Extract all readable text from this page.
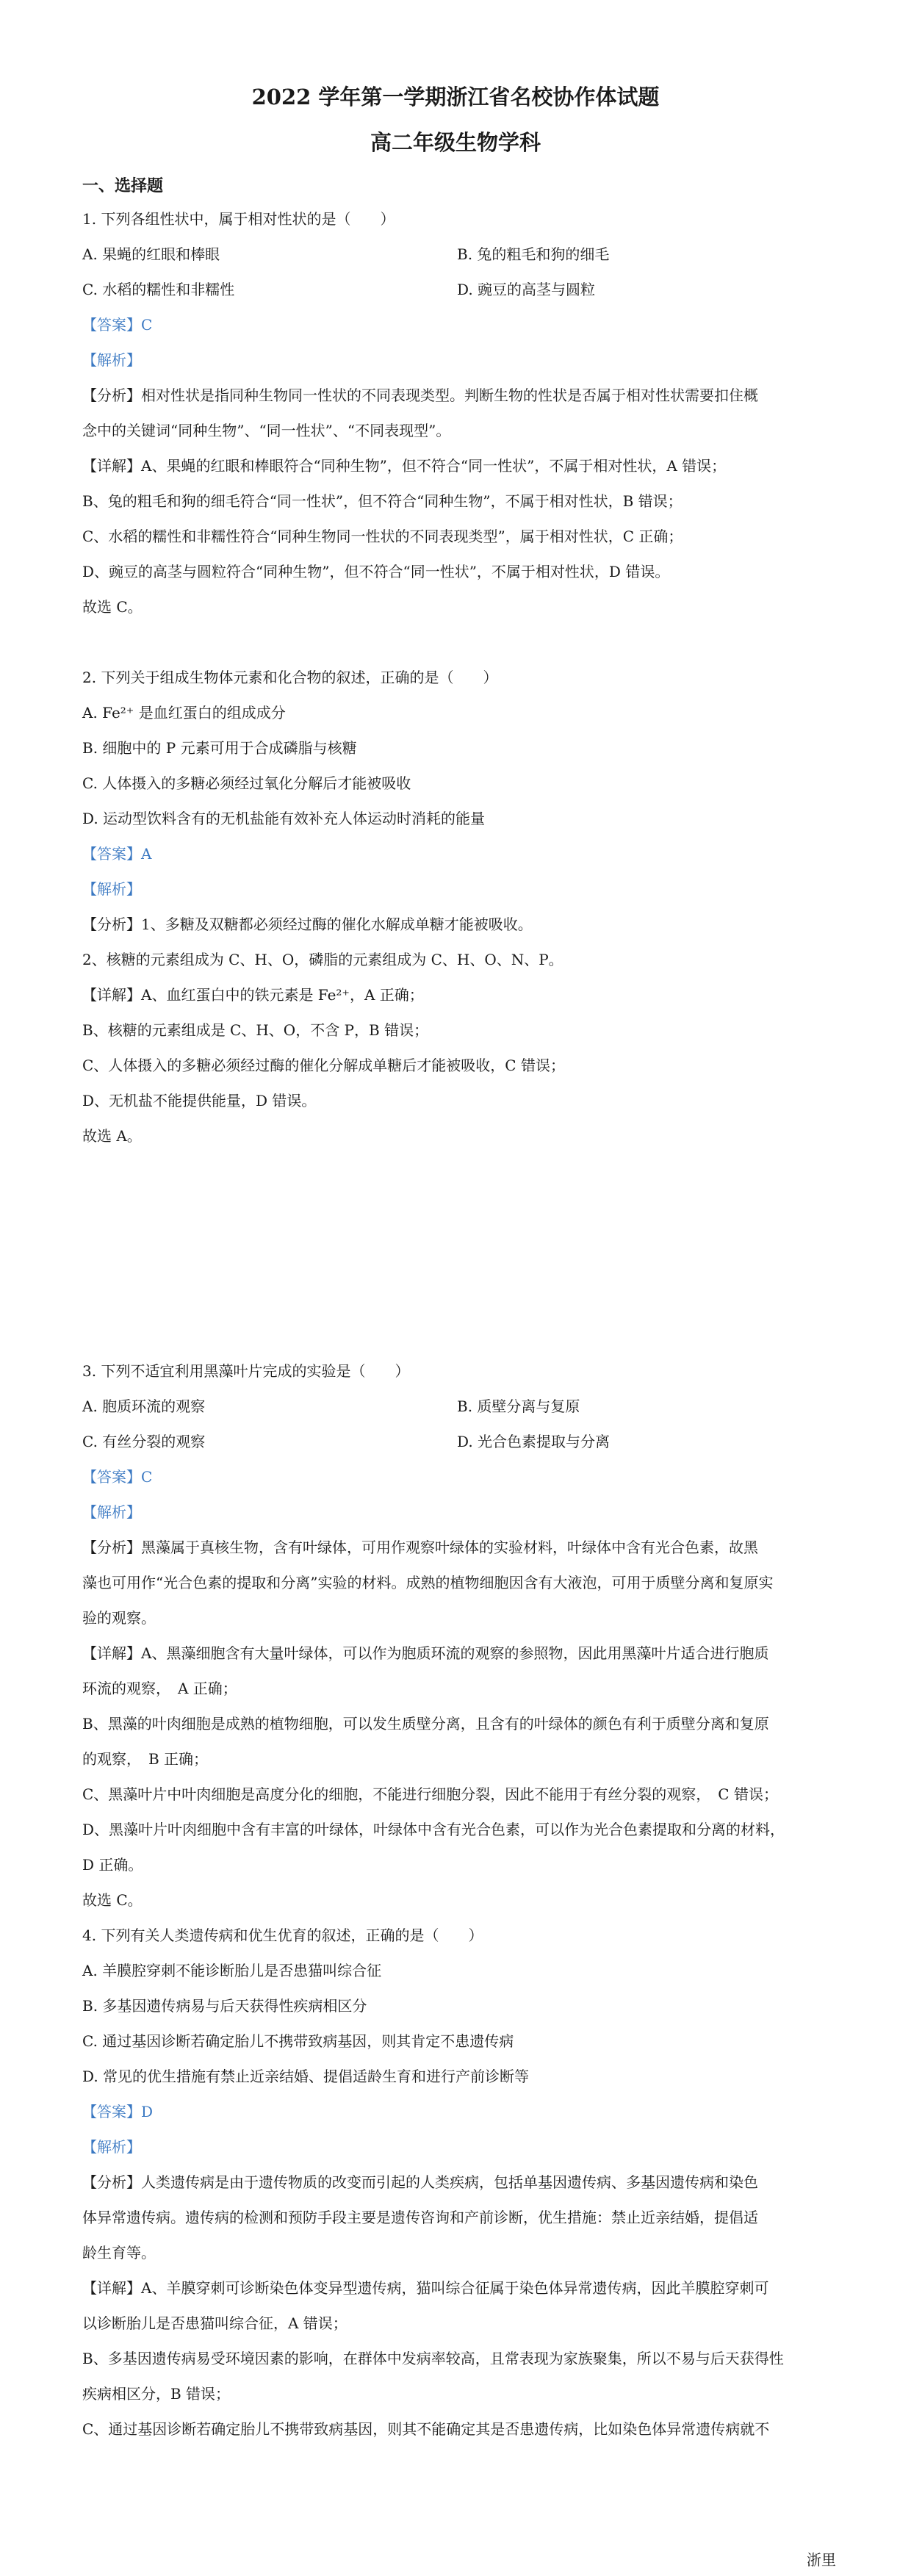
2022 学年第一学期浙江省名校协作体试题
高二年级生物学科
一、选择题
1. 下列各组性状中，属于相对性状的是（　　）
A. 果蝇的红眼和棒眼	B. 兔的粗毛和狗的细毛
C. 水稻的糯性和非糯性	D. 豌豆的高茎与圆粒
【答案】C
【解析】
【分析】相对性状是指同种生物同一性状的不同表现类型。判断生物的性状是否属于相对性状需要扣住概
念中的关键词“同种生物”、“同一性状”、“不同表现型”。
【详解】A、果蝇的红眼和棒眼符合“同种生物”，但不符合“同一性状”，不属于相对性状，A 错误；
B、兔的粗毛和狗的细毛符合“同一性状”，但不符合“同种生物”，不属于相对性状，B 错误；
C、水稻的糯性和非糯性符合“同种生物同一性状的不同表现类型”，属于相对性状，C 正确；
D、豌豆的高茎与圆粒符合“同种生物”，但不符合“同一性状”，不属于相对性状，D 错误。
故选 C。
2. 下列关于组成生物体元素和化合物的叙述，正确的是（　　）
A. Fe²⁺ 是血红蛋白的组成成分
B. 细胞中的 P 元素可用于合成磷脂与核糖
C. 人体摄入的多糖必须经过氧化分解后才能被吸收
D. 运动型饮料含有的无机盐能有效补充人体运动时消耗的能量
【答案】A
【解析】
【分析】1、多糖及双糖都必须经过酶的催化水解成单糖才能被吸收。
2、核糖的元素组成为 C、H、O，磷脂的元素组成为 C、H、O、N、P。
【详解】A、血红蛋白中的铁元素是 Fe²⁺，A 正确；
B、核糖的元素组成是 C、H、O，不含 P，B 错误；
C、人体摄入的多糖必须经过酶的催化分解成单糖后才能被吸收，C 错误；
D、无机盐不能提供能量，D 错误。
故选 A。
3. 下列不适宜利用黑藻叶片完成的实验是（　　）
A. 胞质环流的观察	B. 质壁分离与复原
C. 有丝分裂的观察	D. 光合色素提取与分离
【答案】C
【解析】
【分析】黑藻属于真核生物，含有叶绿体，可用作观察叶绿体的实验材料，叶绿体中含有光合色素，故黑
藻也可用作“光合色素的提取和分离”实验的材料。成熟的植物细胞因含有大液泡，可用于质壁分离和复原实
验的观察。
【详解】A、黑藻细胞含有大量叶绿体，可以作为胞质环流的观察的参照物，因此用黑藻叶片适合进行胞质
环流的观察，　A 正确；
B、黑藻的叶肉细胞是成熟的植物细胞，可以发生质壁分离，且含有的叶绿体的颜色有利于质壁分离和复原
的观察，　B 正确；
C、黑藻叶片中叶肉细胞是高度分化的细胞，不能进行细胞分裂，因此不能用于有丝分裂的观察，　C 错误；
D、黑藻叶片叶肉细胞中含有丰富的叶绿体，叶绿体中含有光合色素，可以作为光合色素提取和分离的材料，
D 正确。
故选 C。
4. 下列有关人类遗传病和优生优育的叙述，正确的是（　　）
A. 羊膜腔穿刺不能诊断胎儿是否患猫叫综合征
B. 多基因遗传病易与后天获得性疾病相区分
C. 通过基因诊断若确定胎儿不携带致病基因，则其肯定不患遗传病
D. 常见的优生措施有禁止近亲结婚、提倡适龄生育和进行产前诊断等
【答案】D
【解析】
【分析】人类遗传病是由于遗传物质的改变而引起的人类疾病，包括单基因遗传病、多基因遗传病和染色
体异常遗传病。遗传病的检测和预防手段主要是遗传咨询和产前诊断，优生措施：禁止近亲结婚，提倡适
龄生育等。
【详解】A、羊膜穿刺可诊断染色体变异型遗传病，猫叫综合征属于染色体异常遗传病，因此羊膜腔穿刺可
以诊断胎儿是否患猫叫综合征，A 错误；
B、多基因遗传病易受环境因素的影响，在群体中发病率较高，且常表现为家族聚集，所以不易与后天获得性
疾病相区分，B 错误；
C、通过基因诊断若确定胎儿不携带致病基因，则其不能确定其是否患遗传病，比如染色体异常遗传病就不
浙里
